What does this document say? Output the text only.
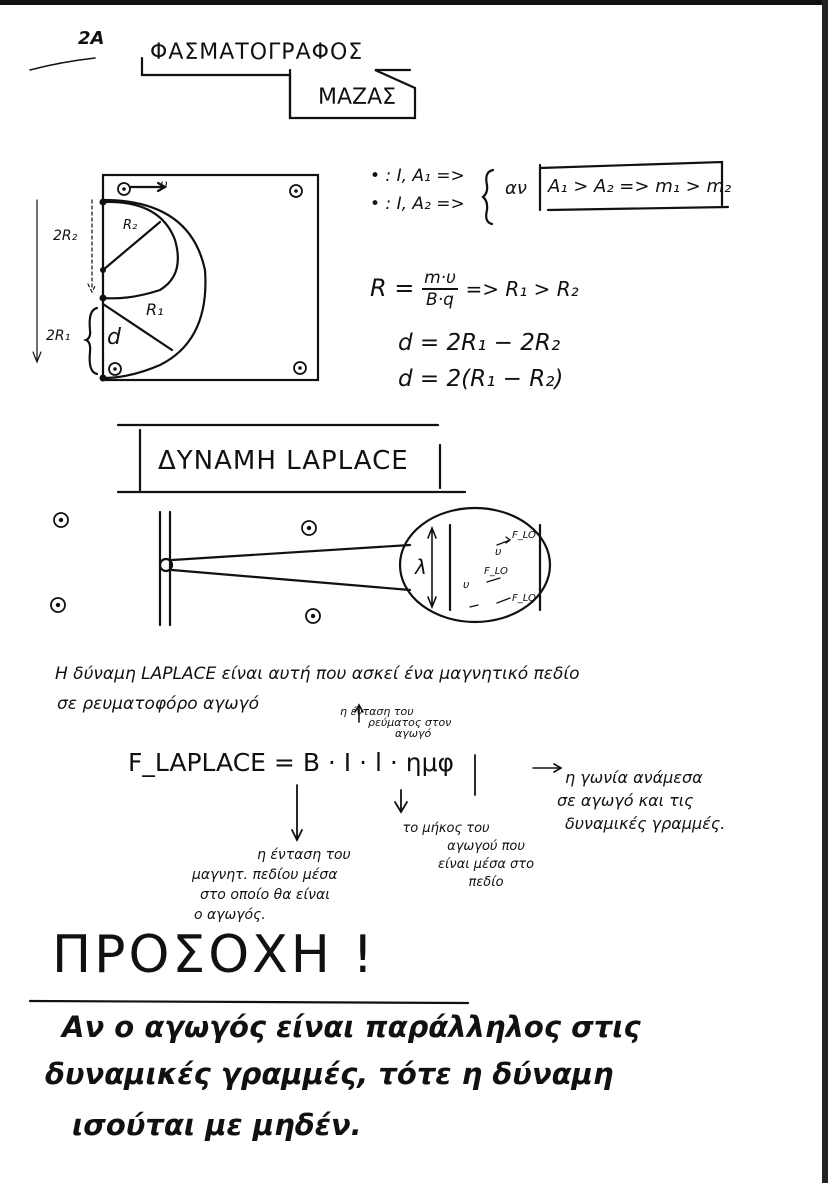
2A
ΦΑΣΜΑΤΟΓΡΑΦΟΣ
ΜΑΖΑΣ
• : I, A₁ =>
• : I, A₂ =>
αν A₁ > A₂ => m₁ > m₂
υ
R₂
R₁
2R₂
2R₁ d
$R = \frac{m\cdot\upsilon}{B\cdot q} => R_1 > R_2$
d = 2R₁ − 2R₂
d = 2(R₁ − R₂)
ΔΥΝΑΜΗ LAPLACE
λ
F_LO
F_LO
F_LO
υ
υ
Η δύναμη LAPLACE είναι αυτή που ασκεί ένα μαγνητικό πεδίο
σε ρευματοφόρο αγωγό	η ένταση του
ρεύματος στον
αγωγό
F_LAPLACE = B · I · l · ημφ
η γωνία ανάμεσα
σε αγωγό και τις
δυναμικές γραμμές.
το μήκος του
αγωγού που
είναι μέσα στο
πεδίο
η ένταση του
μαγνητ. πεδίου μέσα
στο οποίο θα είναι
ο αγωγός.
ΠΡΟΣΟΧΗ !
Αν ο αγωγός είναι παράλληλος στις
δυναμικές γραμμές, τότε η δύναμη
ισούται με μηδέν.
